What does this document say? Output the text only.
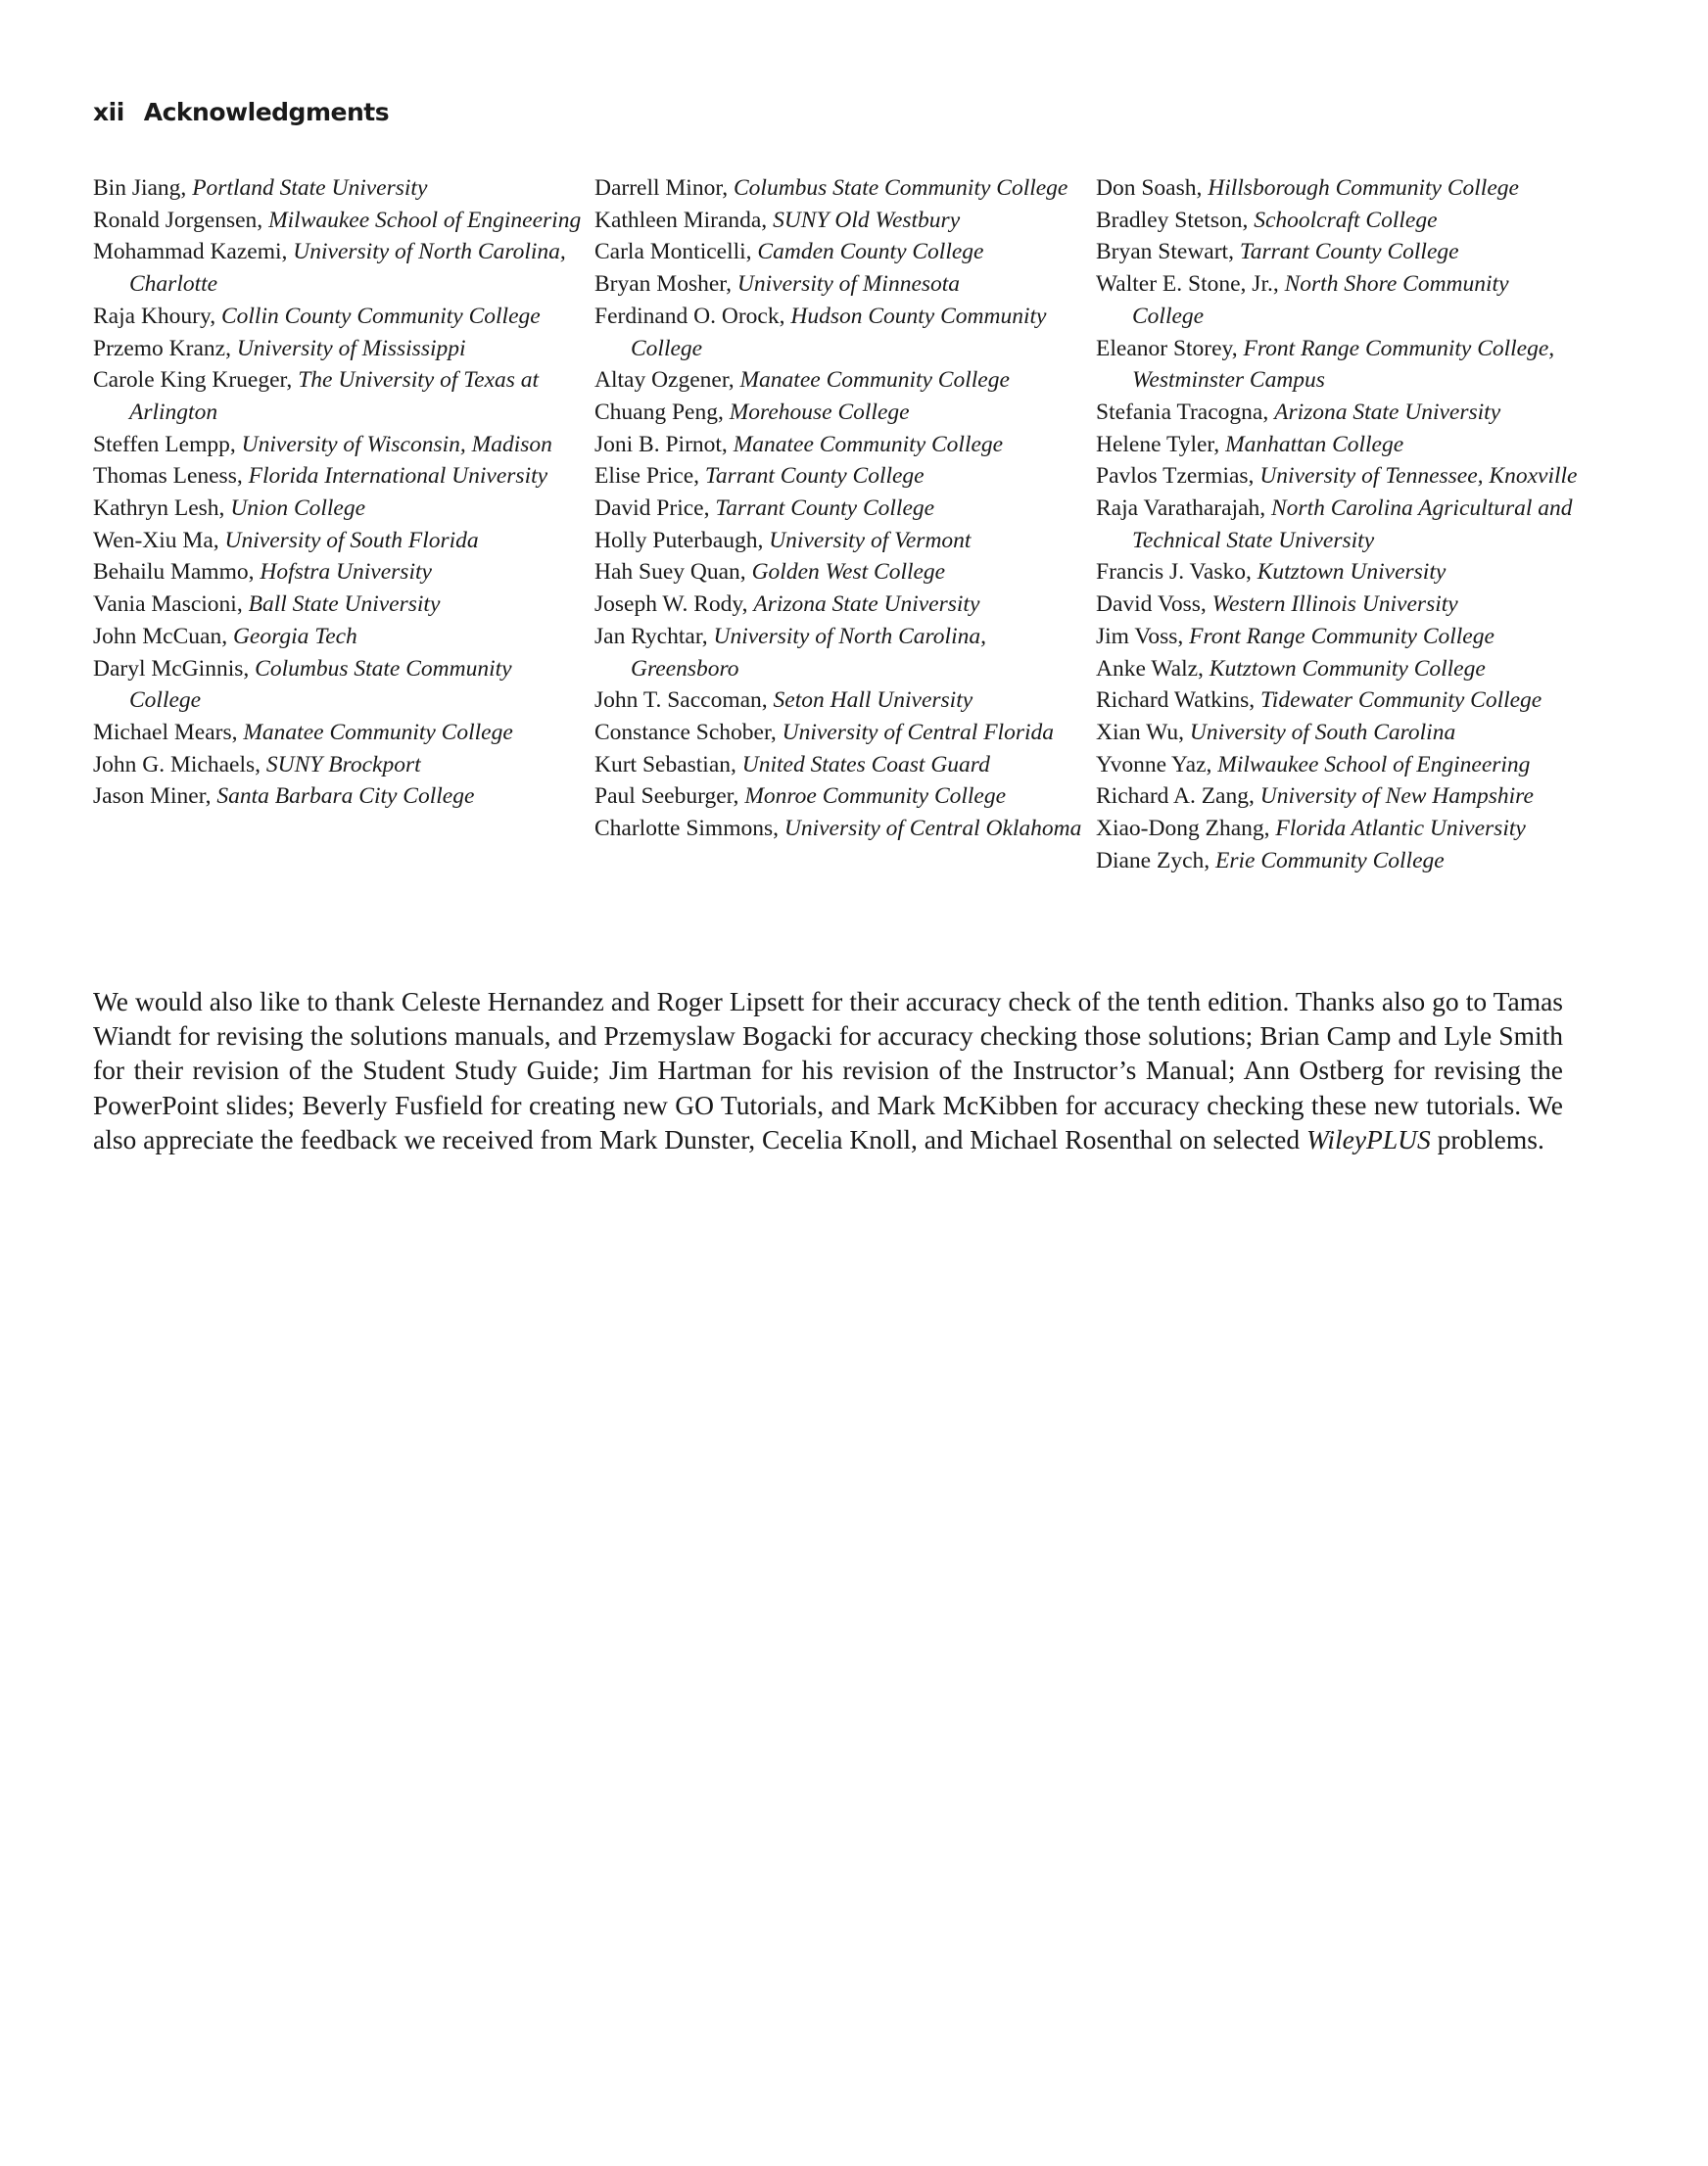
xii Acknowledgments
Bin Jiang, Portland State University
Ronald Jorgensen, Milwaukee School of Engineering
Mohammad Kazemi, University of North Carolina, Charlotte
Raja Khoury, Collin County Community College
Przemo Kranz, University of Mississippi
Carole King Krueger, The University of Texas at Arlington
Steffen Lempp, University of Wisconsin, Madison
Thomas Leness, Florida International University
Kathryn Lesh, Union College
Wen-Xiu Ma, University of South Florida
Behailu Mammo, Hofstra University
Vania Mascioni, Ball State University
John McCuan, Georgia Tech
Daryl McGinnis, Columbus State Community College
Michael Mears, Manatee Community College
John G. Michaels, SUNY Brockport
Jason Miner, Santa Barbara City College
Darrell Minor, Columbus State Community College
Kathleen Miranda, SUNY Old Westbury
Carla Monticelli, Camden County College
Bryan Mosher, University of Minnesota
Ferdinand O. Orock, Hudson County Community College
Altay Ozgener, Manatee Community College
Chuang Peng, Morehouse College
Joni B. Pirnot, Manatee Community College
Elise Price, Tarrant County College
David Price, Tarrant County College
Holly Puterbaugh, University of Vermont
Hah Suey Quan, Golden West College
Joseph W. Rody, Arizona State University
Jan Rychtar, University of North Carolina, Greensboro
John T. Saccoman, Seton Hall University
Constance Schober, University of Central Florida
Kurt Sebastian, United States Coast Guard
Paul Seeburger, Monroe Community College
Charlotte Simmons, University of Central Oklahoma
Don Soash, Hillsborough Community College
Bradley Stetson, Schoolcraft College
Bryan Stewart, Tarrant County College
Walter E. Stone, Jr., North Shore Community College
Eleanor Storey, Front Range Community College, Westminster Campus
Stefania Tracogna, Arizona State University
Helene Tyler, Manhattan College
Pavlos Tzermias, University of Tennessee, Knoxville
Raja Varatharajah, North Carolina Agricultural and Technical State University
Francis J. Vasko, Kutztown University
David Voss, Western Illinois University
Jim Voss, Front Range Community College
Anke Walz, Kutztown Community College
Richard Watkins, Tidewater Community College
Xian Wu, University of South Carolina
Yvonne Yaz, Milwaukee School of Engineering
Richard A. Zang, University of New Hampshire
Xiao-Dong Zhang, Florida Atlantic University
Diane Zych, Erie Community College

We would also like to thank Celeste Hernandez and Roger Lipsett for their accuracy check of the tenth edition. Thanks also go to Tamas Wiandt for revising the solutions manuals, and Przemyslaw Bogacki for accuracy checking those solutions; Brian Camp and Lyle Smith for their revision of the Student Study Guide; Jim Hartman for his revision of the Instructor’s Manual; Ann Ostberg for revising the PowerPoint slides; Beverly Fusfield for creating new GO Tutorials, and Mark McKibben for accuracy checking these new tutorials. We also appreciate the feedback we received from Mark Dunster, Cecelia Knoll, and Michael Rosenthal on selected WileyPLUS problems.
